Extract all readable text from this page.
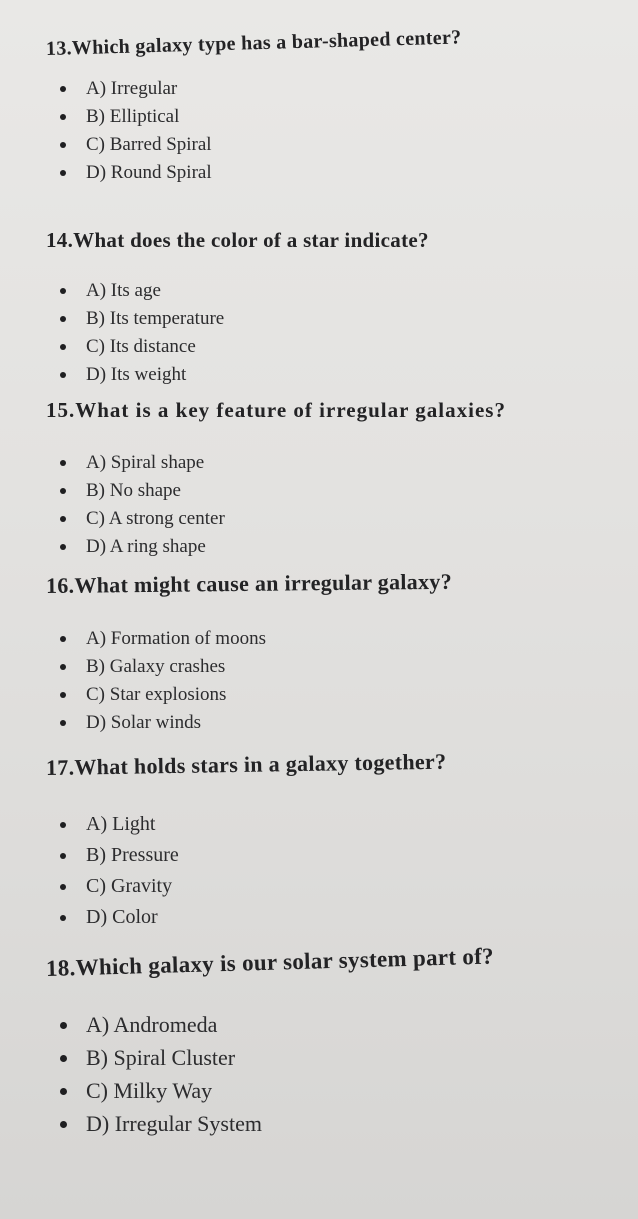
13.Which galaxy type has a bar-shaped center?
A) Irregular
B) Elliptical
C) Barred Spiral
D) Round Spiral
14.What does the color of a star indicate?
A) Its age
B) Its temperature
C) Its distance
D) Its weight
15.What is a key feature of irregular galaxies?
A) Spiral shape
B) No shape
C) A strong center
D) A ring shape
16.What might cause an irregular galaxy?
A) Formation of moons
B) Galaxy crashes
C) Star explosions
D) Solar winds
17.What holds stars in a galaxy together?
A) Light
B) Pressure
C) Gravity
D) Color
18.Which galaxy is our solar system part of?
A) Andromeda
B) Spiral Cluster
C) Milky Way
D) Irregular System
